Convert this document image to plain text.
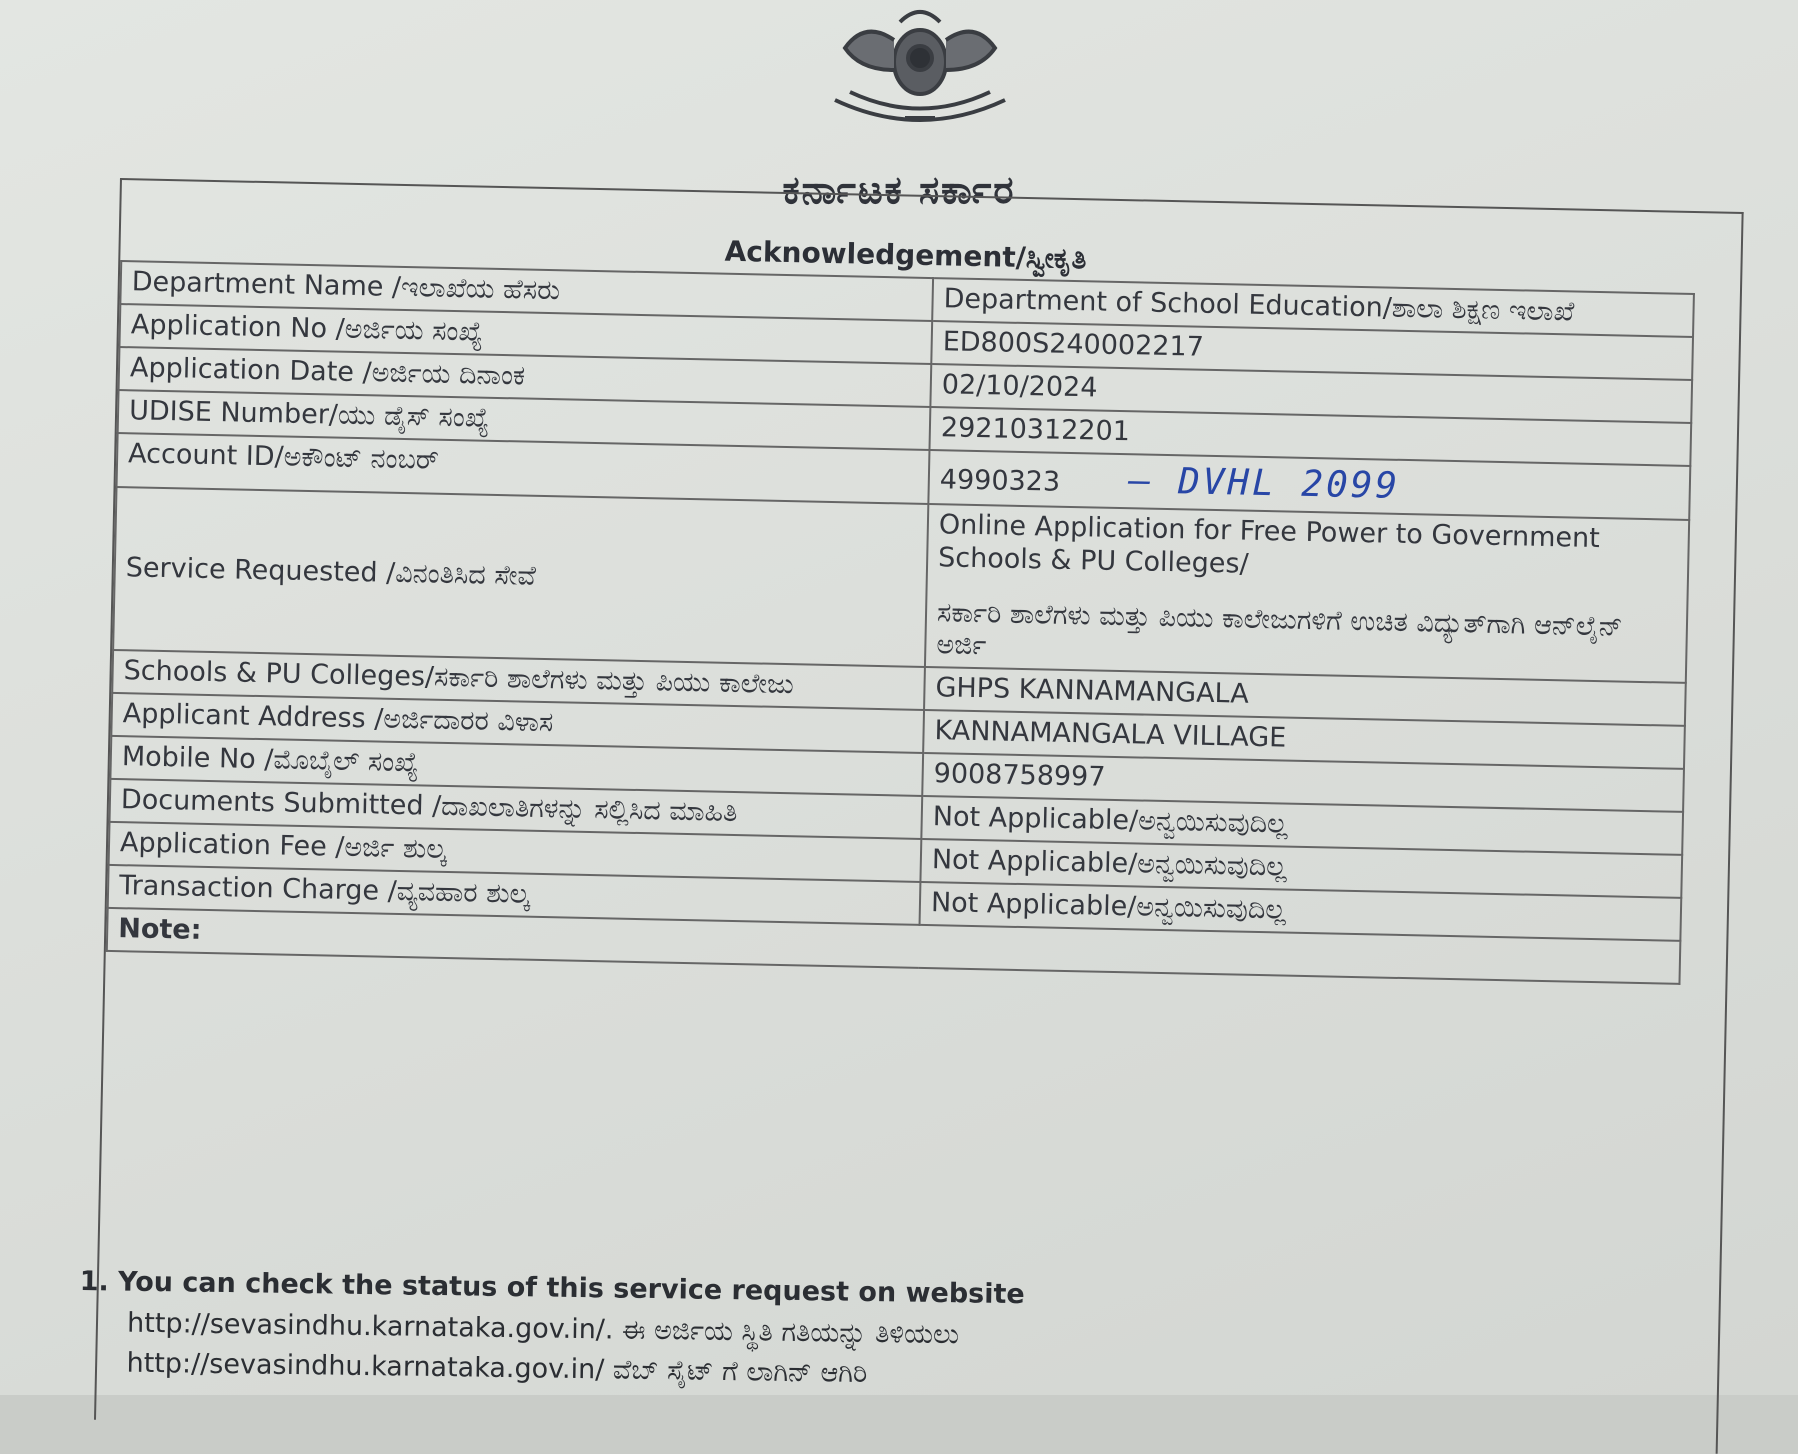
ಕರ್ನಾಟಕ ಸರ್ಕಾರ
Acknowledgement/ಸ್ವೀಕೃತಿ
Department Name /ಇಲಾಖೆಯ ಹೆಸರು	Department of School Education/ಶಾಲಾ ಶಿಕ್ಷಣ ಇಲಾಖೆ
Application No /ಅರ್ಜಿಯ ಸಂಖ್ಯೆ	ED800S240002217
Application Date /ಅರ್ಜಿಯ ದಿನಾಂಕ	02/10/2024
UDISE Number/ಯು ಡೈಸ್ ಸಂಖ್ಯೆ	29210312201
Account ID/ಅಕೌಂಟ್ ನಂಬರ್	4990323 — DVHL 2099
Service Requested /ವಿನಂತಿಸಿದ ಸೇವೆ	Online Application for Free Power to Government Schools & PU Colleges/
ಸರ್ಕಾರಿ ಶಾಲೆಗಳು ಮತ್ತು ಪಿಯು ಕಾಲೇಜುಗಳಿಗೆ ಉಚಿತ ವಿದ್ಯುತ್‌ಗಾಗಿ ಆನ್‌ಲೈನ್ ಅರ್ಜಿ

Schools & PU Colleges/ಸರ್ಕಾರಿ ಶಾಲೆಗಳು ಮತ್ತು ಪಿಯು ಕಾಲೇಜು	GHPS KANNAMANGALA
Applicant Address /ಅರ್ಜಿದಾರರ ವಿಳಾಸ	KANNAMANGALA VILLAGE
Mobile No /ಮೊಬೈಲ್ ಸಂಖ್ಯೆ	9008758997
Documents Submitted /ದಾಖಲಾತಿಗಳನ್ನು ಸಲ್ಲಿಸಿದ ಮಾಹಿತಿ	Not Applicable/ಅನ್ವಯಿಸುವುದಿಲ್ಲ
Application Fee /ಅರ್ಜಿ ಶುಲ್ಕ	Not Applicable/ಅನ್ವಯಿಸುವುದಿಲ್ಲ
Transaction Charge /ವ್ಯವಹಾರ ಶುಲ್ಕ	Not Applicable/ಅನ್ವಯಿಸುವುದಿಲ್ಲ
Note:	
1. You can check the status of this service request on website
http://sevasindhu.karnataka.gov.in/. ಈ ಅರ್ಜಿಯ ಸ್ಥಿತಿ ಗತಿಯನ್ನು ತಿಳಿಯಲು
http://sevasindhu.karnataka.gov.in/ ವೆಬ್ ಸೈಟ್ ಗೆ ಲಾಗಿನ್ ಆಗಿರಿ
